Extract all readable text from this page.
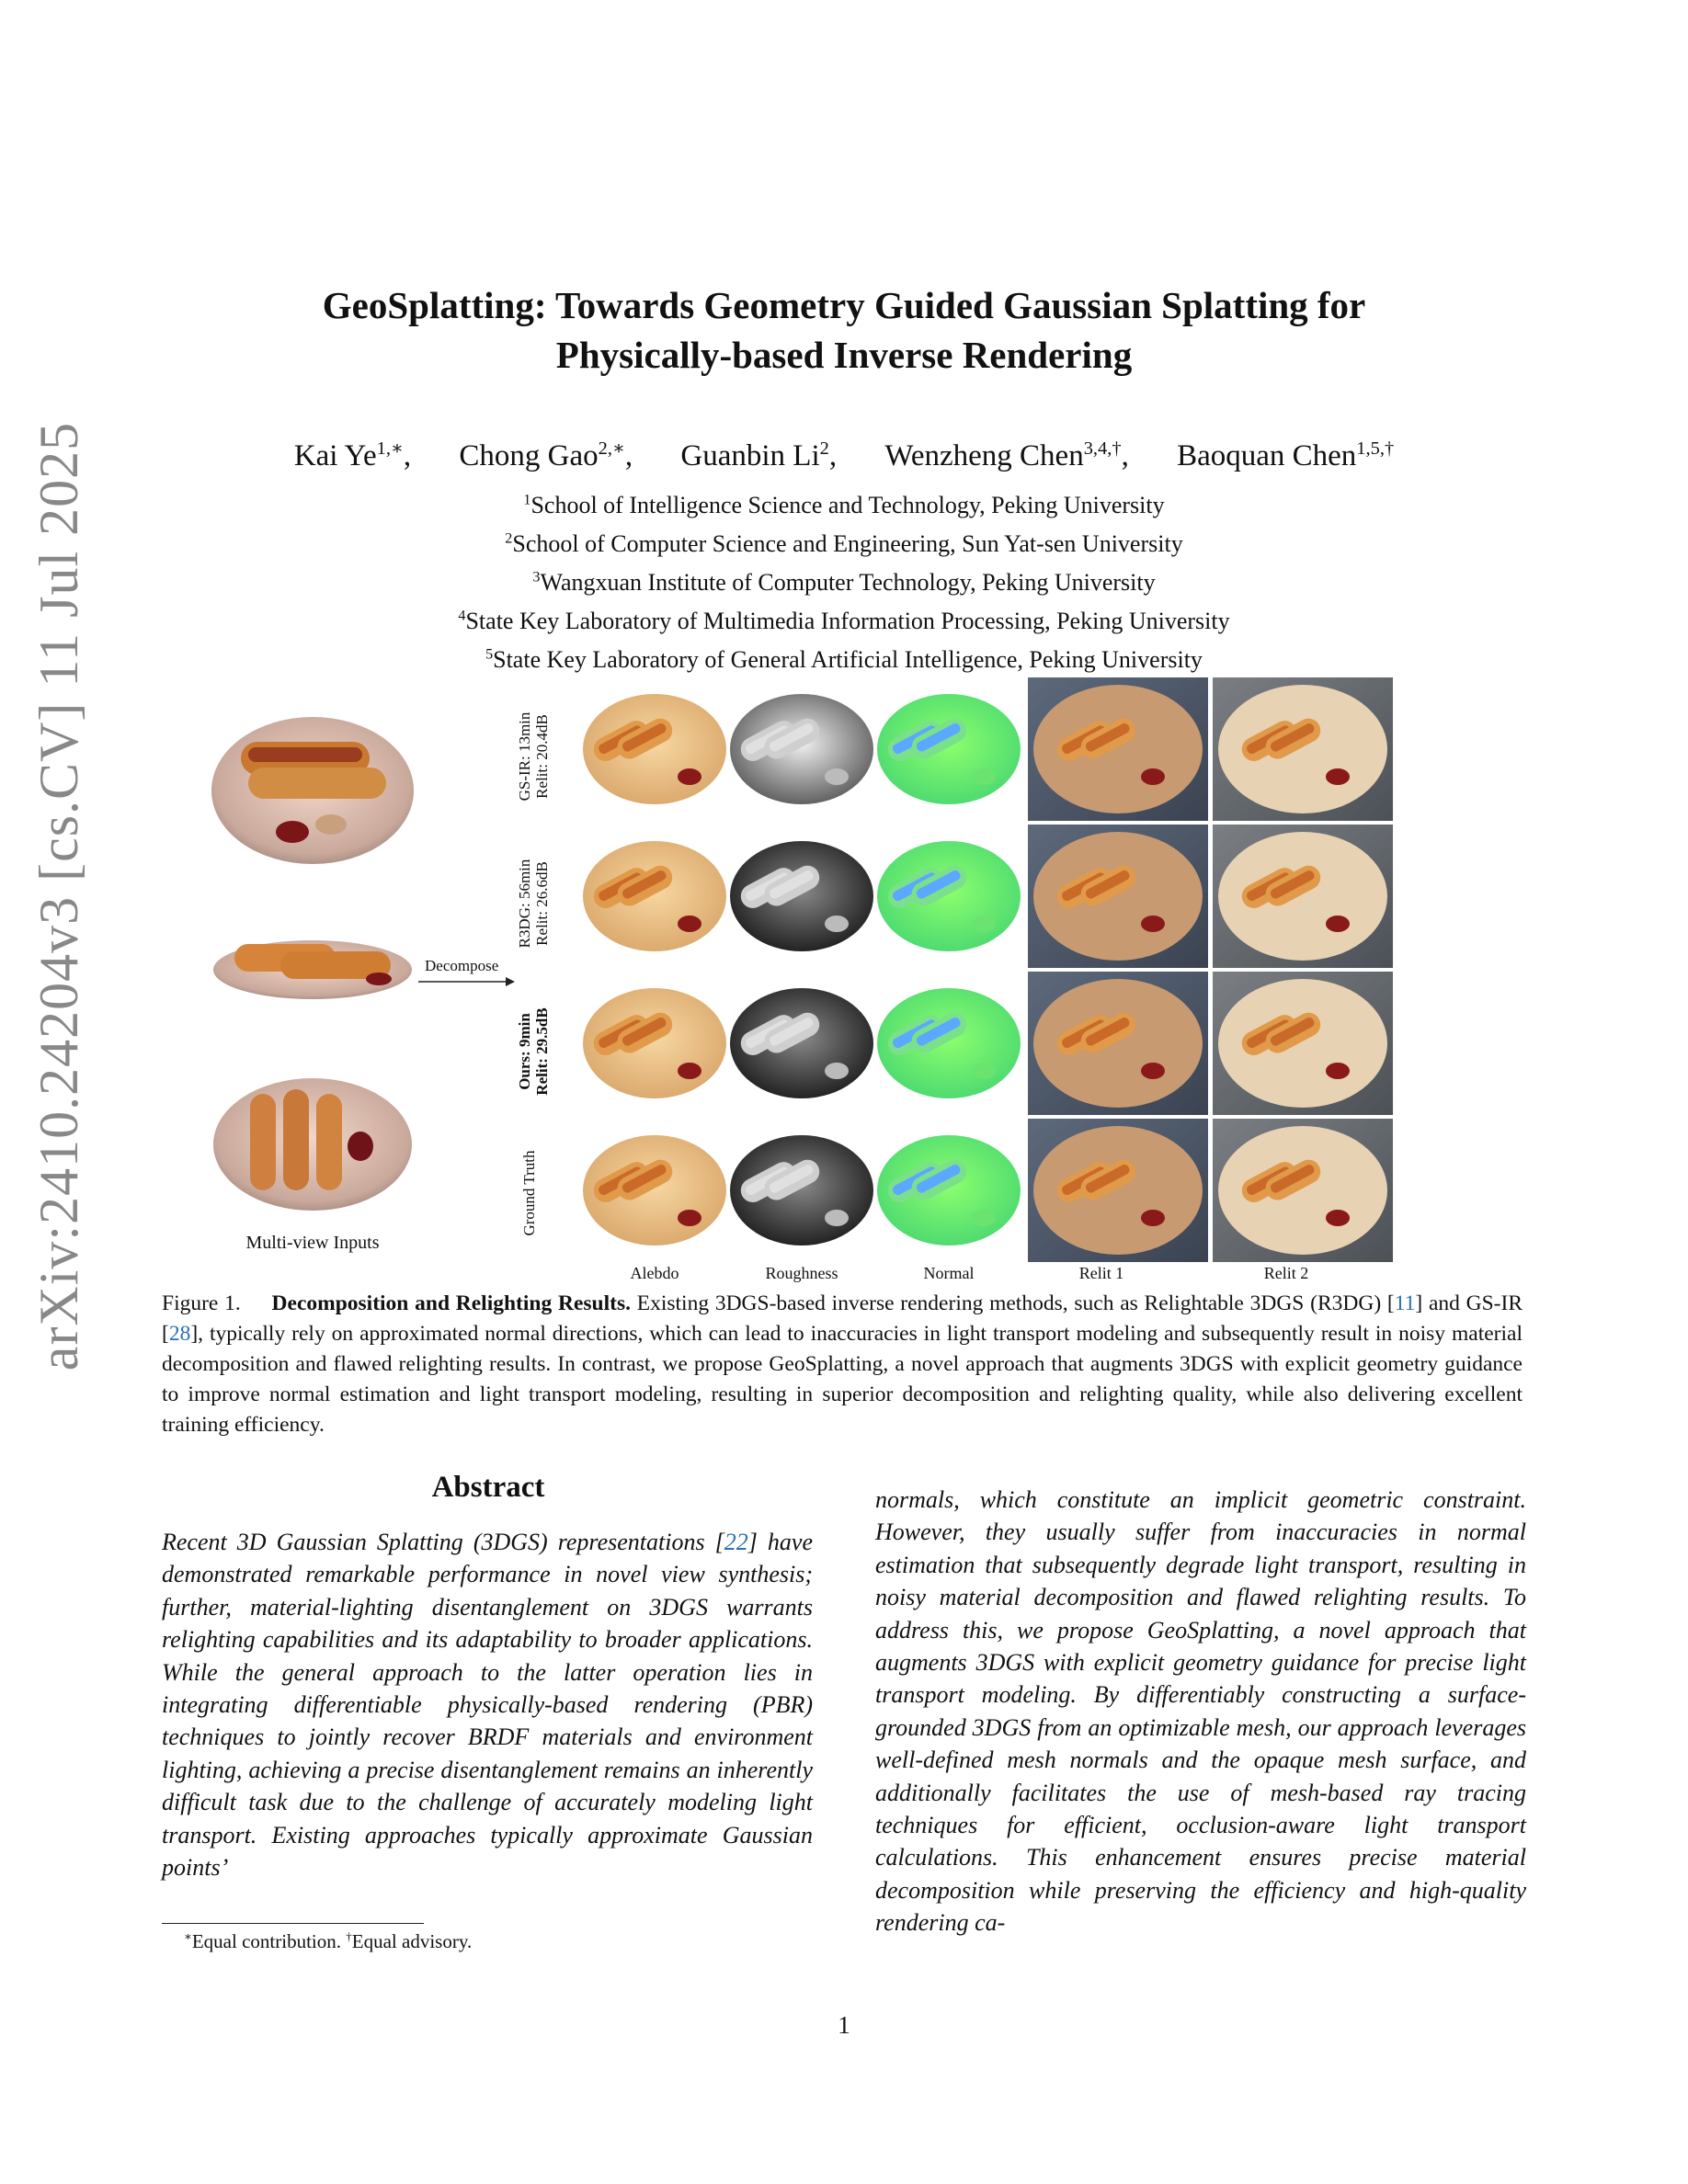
arXiv:2410.24204v3 [cs.CV] 11 Jul 2025
GeoSplatting: Towards Geometry Guided Gaussian Splatting for
Physically-based Inverse Rendering
Kai $Ye^{1,∗}$, Chong Gao$^{2,∗}$, Guanbin Li$^2$, Wenzheng Chen$^{3,4,\dagger}$, Baoquan Chen$^{1,5,\dagger}$
$^1$School of Intelligence Science and Technology, Peking University
$^2$School of Computer Science and Engineering, Sun Yat-sen University
$^3$Wangxuan Institute of Computer Technology, Peking University
$^4$State Key Laboratory of Multimedia Information Processing, Peking University
$^5$State Key Laboratory of General Artificial Intelligence, Peking University
GS-IR: 13min Relit: 20.4dB
R3DG: 56min Relit: 26.6dB
Ours: 9min Relit: 29.5dB
Ground Truth
Decompose
Multi-view Inputs
Alebdo	Roughness	Normal	Relit 1	Relit 2
Figure 1. Decomposition and Relighting Results. Existing 3DGS-based inverse rendering methods, such as Relightable 3DGS (R3DG) [11] and GS-IR [28], typically rely on approximated normal directions, which can lead to inaccuracies in light transport modeling and subsequently result in noisy material decomposition and flawed relighting results. In contrast, we propose GeoSplatting, a novel approach that augments 3DGS with explicit geometry guidance to improve normal estimation and light transport modeling, resulting in superior decomposition and relighting quality, while also delivering excellent training efficiency.
Abstract
Recent 3D Gaussian Splatting (3DGS) representations [22] have demonstrated remarkable performance in novel view synthesis; further, material-lighting disentanglement on 3DGS warrants relighting capabilities and its adaptability to broader applications. While the general approach to the latter operation lies in integrating differentiable physically-based rendering (PBR) techniques to jointly recover BRDF materials and environment lighting, achieving a precise disentanglement remains an inherently difficult task due to the challenge of accurately modeling light transport. Existing approaches typically approximate Gaussian points’
normals, which constitute an implicit geometric constraint. However, they usually suffer from inaccuracies in normal estimation that subsequently degrade light transport, resulting in noisy material decomposition and flawed relighting results. To address this, we propose GeoSplatting, a novel approach that augments 3DGS with explicit geometry guidance for precise light transport modeling. By differentiably constructing a surface-grounded 3DGS from an optimizable mesh, our approach leverages well-defined mesh normals and the opaque mesh surface, and additionally facilitates the use of mesh-based ray tracing techniques for efficient, occlusion-aware light transport calculations. This enhancement ensures precise material decomposition while preserving the efficiency and high-quality rendering ca-
∗Equal contribution. †Equal advisory.
1
